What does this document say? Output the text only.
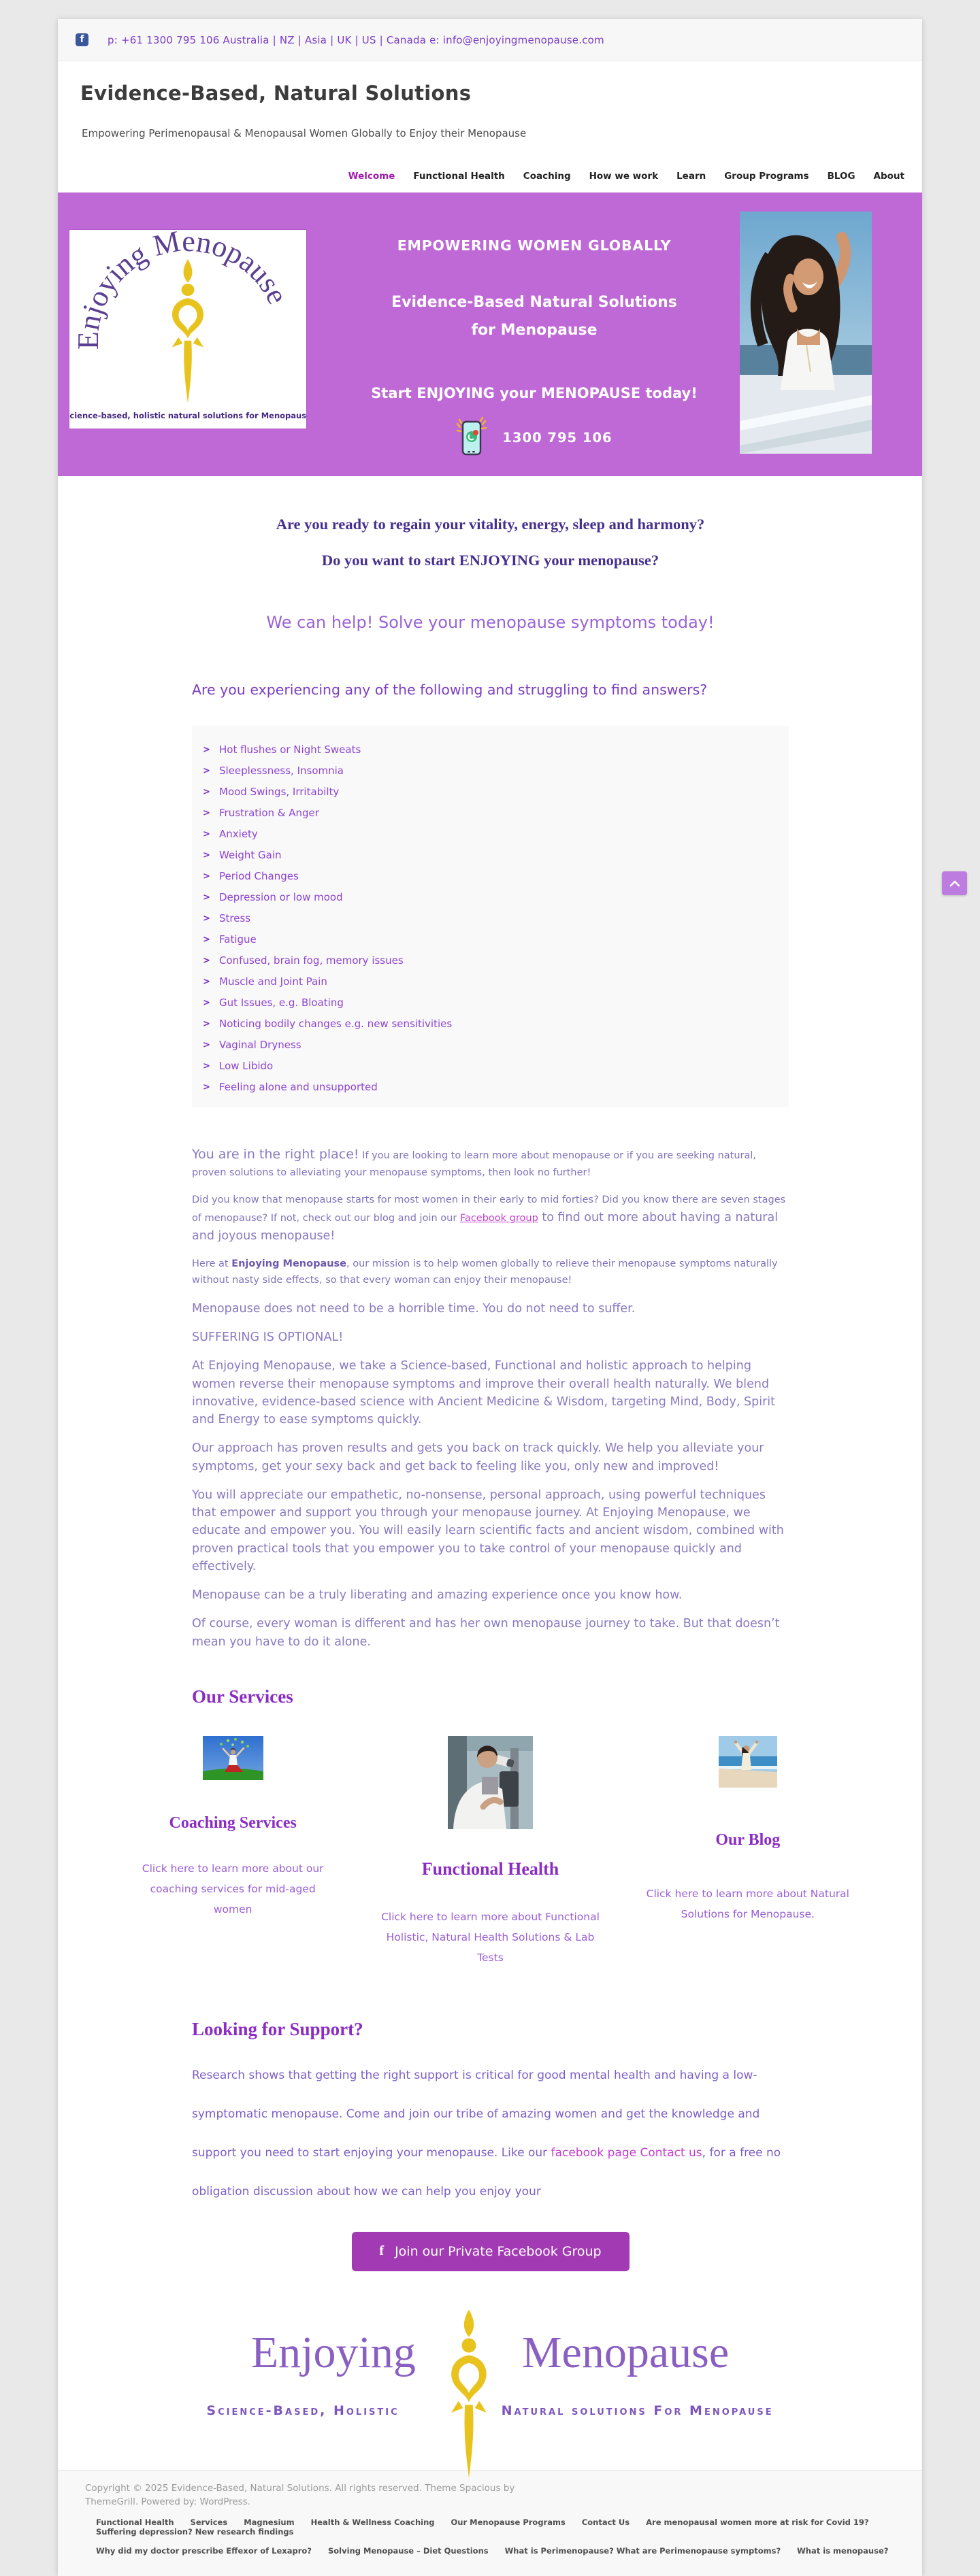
f	p: +61 1300 795 106 Australia | NZ | Asia | UK | US | Canada e: info@enjoyingmenopause.com
Evidence-Based, Natural Solutions
Empowering Perimenopausal & Menopausal Women Globally to Enjoy their Menopause
Welcome Functional Health Coaching How we work Learn Group Programs BLOG About
Enjoying Menopause
Science-based, holistic natural solutions for Menopause
EMPOWERING WOMEN GLOBALLY
Evidence-Based Natural Solutions for Menopause
Start ENJOYING your MENOPAUSE today!
1300 795 106
Are you ready to regain your vitality, energy, sleep and harmony?
Do you want to start ENJOYING your menopause?
We can help! Solve your menopause symptoms today!
Are you experiencing any of the following and struggling to find answers?
> Hot flushes or Night Sweats
> Sleeplessness, Insomnia
> Mood Swings, Irritabilty
> Frustration & Anger
> Anxiety
> Weight Gain
> Period Changes
> Depression or low mood
> Stress
> Fatigue
> Confused, brain fog, memory issues
> Muscle and Joint Pain
> Gut Issues, e.g. Bloating
> Noticing bodily changes e.g. new sensitivities
> Vaginal Dryness
> Low Libido
> Feeling alone and unsupported

You are in the right place! If you are looking to learn more about menopause or if you are seeking natural, proven solutions to alleviating your menopause symptoms, then look no further!

Did you know that menopause starts for most women in their early to mid forties? Did you know there are seven stages of menopause? If not, check out our blog and join our Facebook group to find out more about having a natural and joyous menopause!

Here at Enjoying Menopause, our mission is to help women globally to relieve their menopause symptoms naturally without nasty side effects, so that every woman can enjoy their menopause!

Menopause does not need to be a horrible time. You do not need to suffer.

SUFFERING IS OPTIONAL!

At Enjoying Menopause, we take a Science-based, Functional and holistic approach to helping women reverse their menopause symptoms and improve their overall health naturally. We blend innovative, evidence-based science with Ancient Medicine & Wisdom, targeting Mind, Body, Spirit and Energy to ease symptoms quickly.

Our approach has proven results and gets you back on track quickly. We help you alleviate your symptoms, get your sexy back and get back to feeling like you, only new and improved!

You will appreciate our empathetic, no-nonsense, personal approach, using powerful techniques that empower and support you through your menopause journey. At Enjoying Menopause, we educate and empower you. You will easily learn scientific facts and ancient wisdom, combined with proven practical tools that you empower you to take control of your menopause quickly and effectively.

Menopause can be a truly liberating and amazing experience once you know how.

Of course, every woman is different and has her own menopause journey to take. But that doesn’t mean you have to do it alone.

Our Services
Coaching Services
Click here to learn more about our coaching services for mid-aged women
Functional Health
Click here to learn more about Functional Holistic, Natural Health Solutions & Lab Tests
Our Blog
Click here to learn more about Natural Solutions for Menopause.
Looking for Support?

Research shows that getting the right support is critical for good mental health and having a low-symptomatic menopause. Come and join our tribe of amazing women and get the knowledge and support you need to start enjoying your menopause. Like our facebook page Contact us, for a free no obligation discussion about how we can help you enjoy your

f Join our Private Facebook Group
Enjoying Menopause
Science-Based, Holistic	Natural solutions For Menopause
Copyright © 2025 Evidence-Based, Natural Solutions. All rights reserved. Theme Spacious by ThemeGrill. Powered by: WordPress.
Functional Health Services Magnesium Health & Wellness Coaching Our Menopause Programs Contact Us Are menopausal women more at risk for Covid 19?
Suffering depression? New research findings
Why did my doctor prescribe Effexor of Lexapro? Solving Menopause – Diet Questions What is Perimenopause? What are Perimenopause symptoms? What is menopause?
